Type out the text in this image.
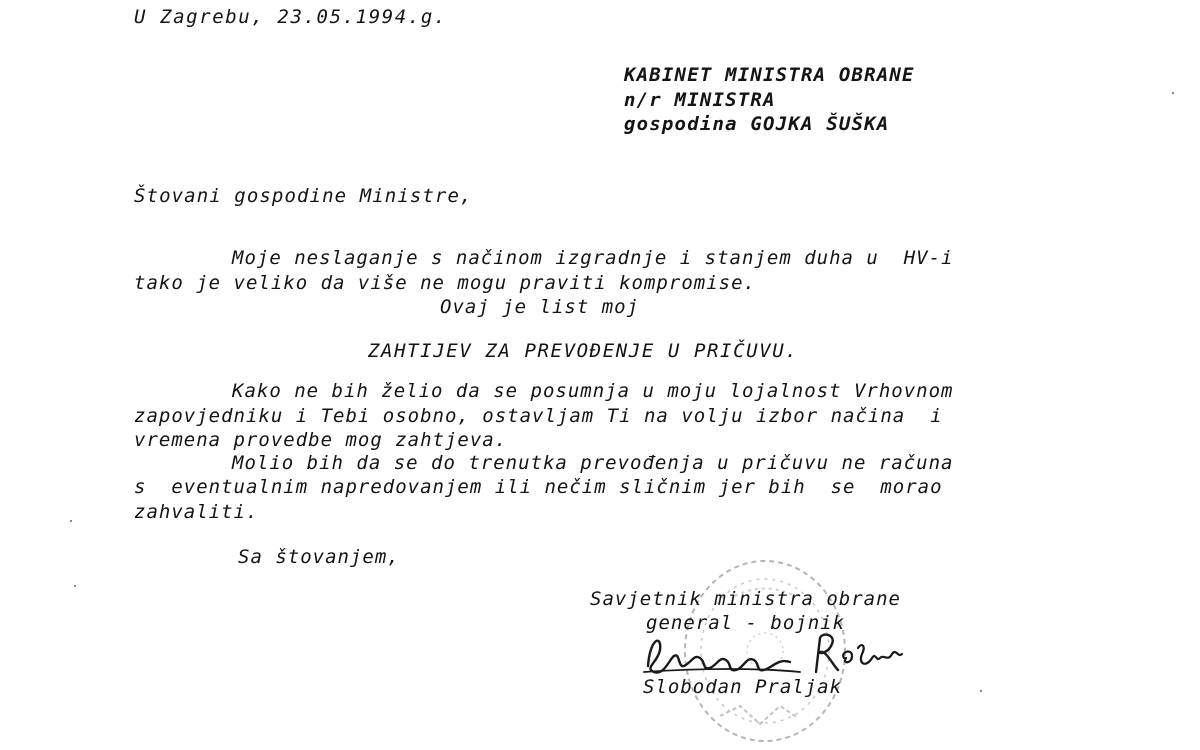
U Zagrebu, 23.05.1994.g.
KABINET MINISTRA OBRANE
n/r MINISTRA
gospodina GOJKA ŠUŠKA
Štovani gospodine Ministre,
Moje neslaganje s načinom izgradnje i stanjem duha u  HV-i
tako je veliko da više ne mogu praviti kompromise.
Ovaj je list moj
ZAHTIJEV ZA PREVOĐENJE U PRIČUVU.
Kako ne bih želio da se posumnja u moju lojalnost Vrhovnom
zapovjedniku i Tebi osobno, ostavljam Ti na volju izbor načina  i
vremena provedbe mog zahtjeva.
Molio bih da se do trenutka prevođenja u pričuvu ne računa
s  eventualnim napredovanjem ili nečim sličnim jer bih  se  morao
zahvaliti.
Sa štovanjem,
Savjetnik ministra obrane
general - bojnik
Slobodan Praljak
